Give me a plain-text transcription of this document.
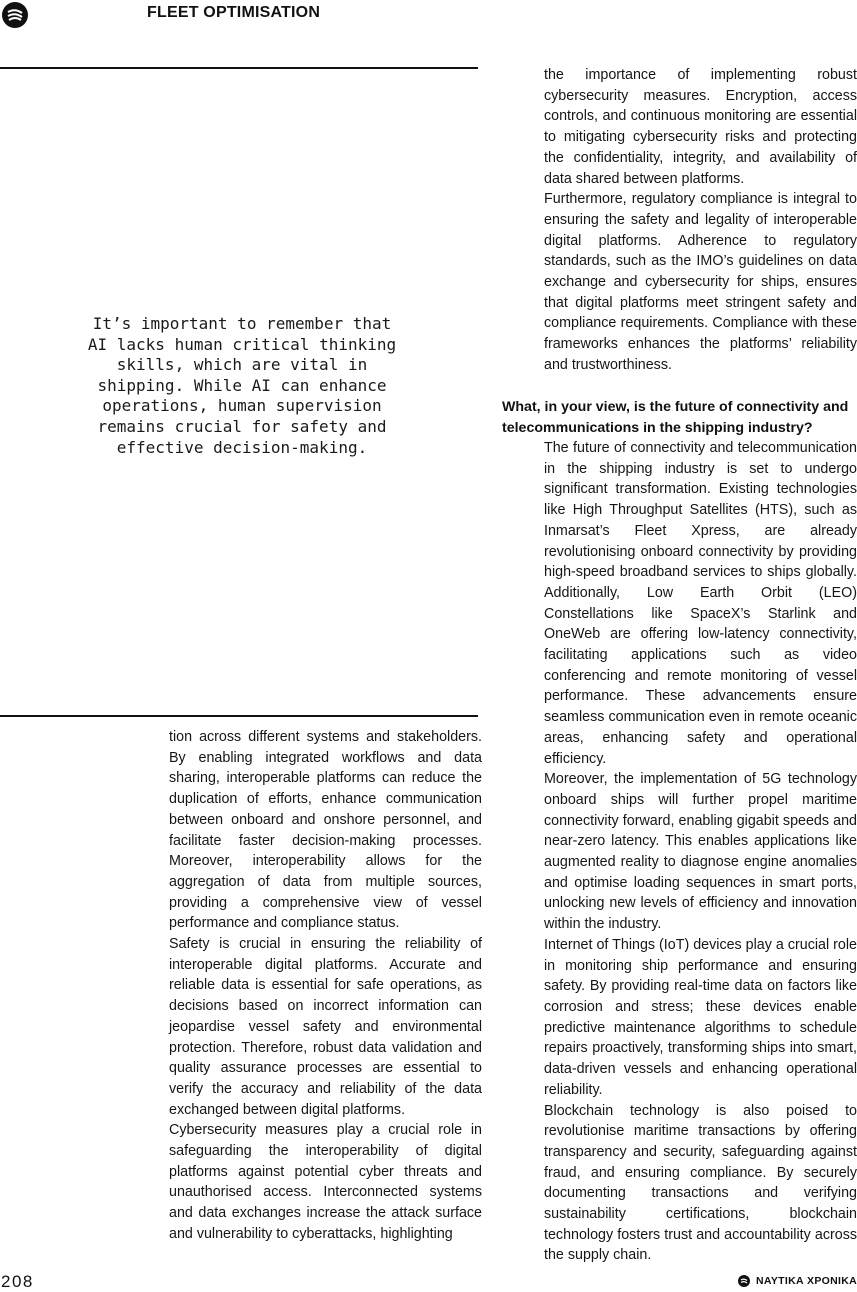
FLEET OPTIMISATION
It’s important to remember that AI lacks human critical thinking skills, which are vital in shipping. While AI can enhance operations, human supervision remains crucial for safety and effective decision-making.

tion across different systems and stakeholders. By enabling integrated workflows and data sharing, interoperable platforms can reduce the duplication of efforts, enhance communication between onboard and onshore personnel, and facilitate faster decision-making processes. Moreover, interoperability allows for the aggregation of data from multiple sources, providing a comprehensive view of vessel performance and compliance status.

Safety is crucial in ensuring the reliability of interoperable digital platforms. Accurate and reliable data is essential for safe operations, as decisions based on incorrect information can jeopardise vessel safety and environmental protection. Therefore, robust data validation and quality assurance processes are essential to verify the accuracy and reliability of the data exchanged between digital platforms.

Cybersecurity measures play a crucial role in safeguarding the interoperability of digital platforms against potential cyber threats and unauthorised access. Interconnected systems and data exchanges increase the attack surface and vulnerability to cyberattacks, highlighting

the importance of implementing robust cybersecurity measures. Encryption, access controls, and continuous monitoring are essential to mitigating cybersecurity risks and protecting the confidentiality, integrity, and availability of data shared between platforms.

Furthermore, regulatory compliance is integral to ensuring the safety and legality of interoperable digital platforms. Adherence to regulatory standards, such as the IMO’s guidelines on data exchange and cybersecurity for ships, ensures that digital platforms meet stringent safety and compliance requirements. Compliance with these frameworks enhances the platforms’ reliability and trustworthiness.

What, in your view, is the future of connectivity and telecommunications in the shipping industry?

The future of connectivity and telecommunication in the shipping industry is set to undergo significant transformation. Existing technologies like High Throughput Satellites (HTS), such as Inmarsat’s Fleet Xpress, are already revolutionising onboard connectivity by providing high-speed broadband services to ships globally. Additionally, Low Earth Orbit (LEO) Constellations like SpaceX’s Starlink and OneWeb are offering low-latency connectivity, facilitating applications such as video conferencing and remote monitoring of vessel performance. These advancements ensure seamless communication even in remote oceanic areas, enhancing safety and operational efficiency.

Moreover, the implementation of 5G technology onboard ships will further propel maritime connectivity forward, enabling gigabit speeds and near-zero latency. This enables applications like augmented reality to diagnose engine anomalies and optimise loading sequences in smart ports, unlocking new levels of efficiency and innovation within the industry.

Internet of Things (IoT) devices play a crucial role in monitoring ship performance and ensuring safety. By providing real-time data on factors like corrosion and stress; these devices enable predictive maintenance algorithms to schedule repairs proactively, transforming ships into smart, data-driven vessels and enhancing operational reliability.

Blockchain technology is also poised to revolutionise maritime transactions by offering transparency and security, safeguarding against fraud, and ensuring compliance. By securely documenting transactions and verifying sustainability certifications, blockchain technology fosters trust and accountability across the supply chain.

208	ΝΑΥΤΙΚΑ ΧΡΟΝΙΚΑ
